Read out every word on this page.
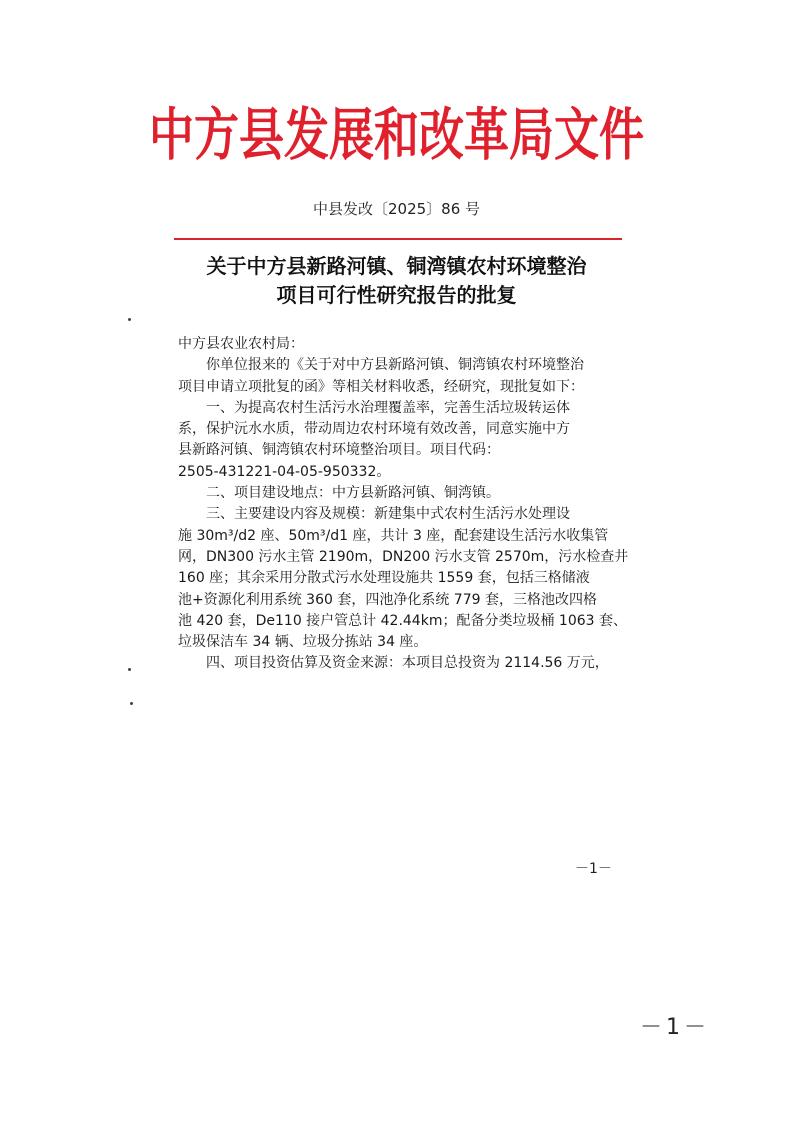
中方县发展和改革局文件
中县发改〔2025〕86 号
关于中方县新路河镇、铜湾镇农村环境整治
项目可行性研究报告的批复
中方县农业农村局：
你单位报来的《关于对中方县新路河镇、铜湾镇农村环境整治
项目申请立项批复的函》等相关材料收悉，经研究，现批复如下：
一、为提高农村生活污水治理覆盖率，完善生活垃圾转运体
系，保护沅水水质，带动周边农村环境有效改善，同意实施中方
县新路河镇、铜湾镇农村环境整治项目。项目代码：
2505-431221-04-05-950332。
二、项目建设地点：中方县新路河镇、铜湾镇。
三、主要建设内容及规模：新建集中式农村生活污水处理设
施 30m³/d2 座、50m³/d1 座，共计 3 座，配套建设生活污水收集管
网，DN300 污水主管 2190m，DN200 污水支管 2570m，污水检查井
160 座；其余采用分散式污水处理设施共 1559 套，包括三格储液
池+资源化利用系统 360 套，四池净化系统 779 套，三格池改四格
池 420 套，De110 接户管总计 42.44km；配备分类垃圾桶 1063 套、
垃圾保洁车 34 辆、垃圾分拣站 34 座。
四、项目投资估算及资金来源：本项目总投资为 2114.56 万元，
－1－
－1－
